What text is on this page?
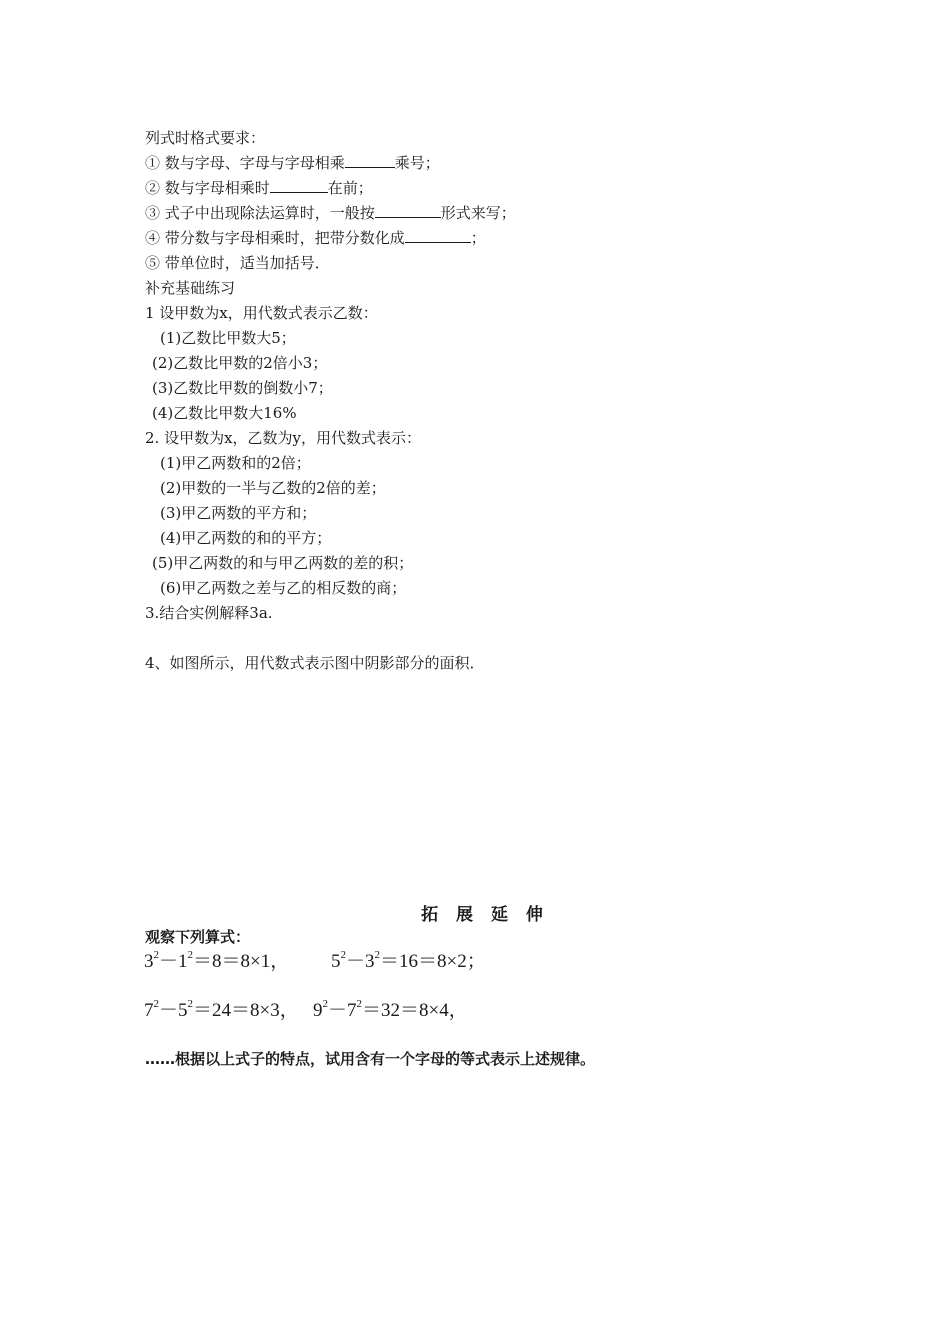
列式时格式要求：
① 数与字母、字母与字母相乘	乘号；
② 数与字母相乘时	在前；
③ 式子中出现除法运算时，一般按	形式来写；
④ 带分数与字母相乘时，把带分数化成	；
⑤ 带单位时，适当加括号．
补充基础练习
1 设甲数为x，用代数式表示乙数：
(1)乙数比甲数大5；
(2)乙数比甲数的2倍小3；
(3)乙数比甲数的倒数小7；
(4)乙数比甲数大16%
2. 设甲数为x，乙数为y，用代数式表示：
(1)甲乙两数和的2倍；
(2)甲数的一半与乙数的2倍的差；
(3)甲乙两数的平方和；
(4)甲乙两数的和的平方；
(5)甲乙两数的和与甲乙两数的差的积；
(6)甲乙两数之差与乙的相反数的商；
3.结合实例解释3a.
4、如图所示，用代数式表示图中阴影部分的面积．
拓 展 延 伸
观察下列算式：
$3^2-1^2=8=8\times 1$， $5^2-3^2=16=8\times 2$；
$7^2-5^2=24=8\times 3$， $9^2-7^2=32=8\times 4$，
……根据以上式子的特点，试用含有一个字母的等式表示上述规律。
